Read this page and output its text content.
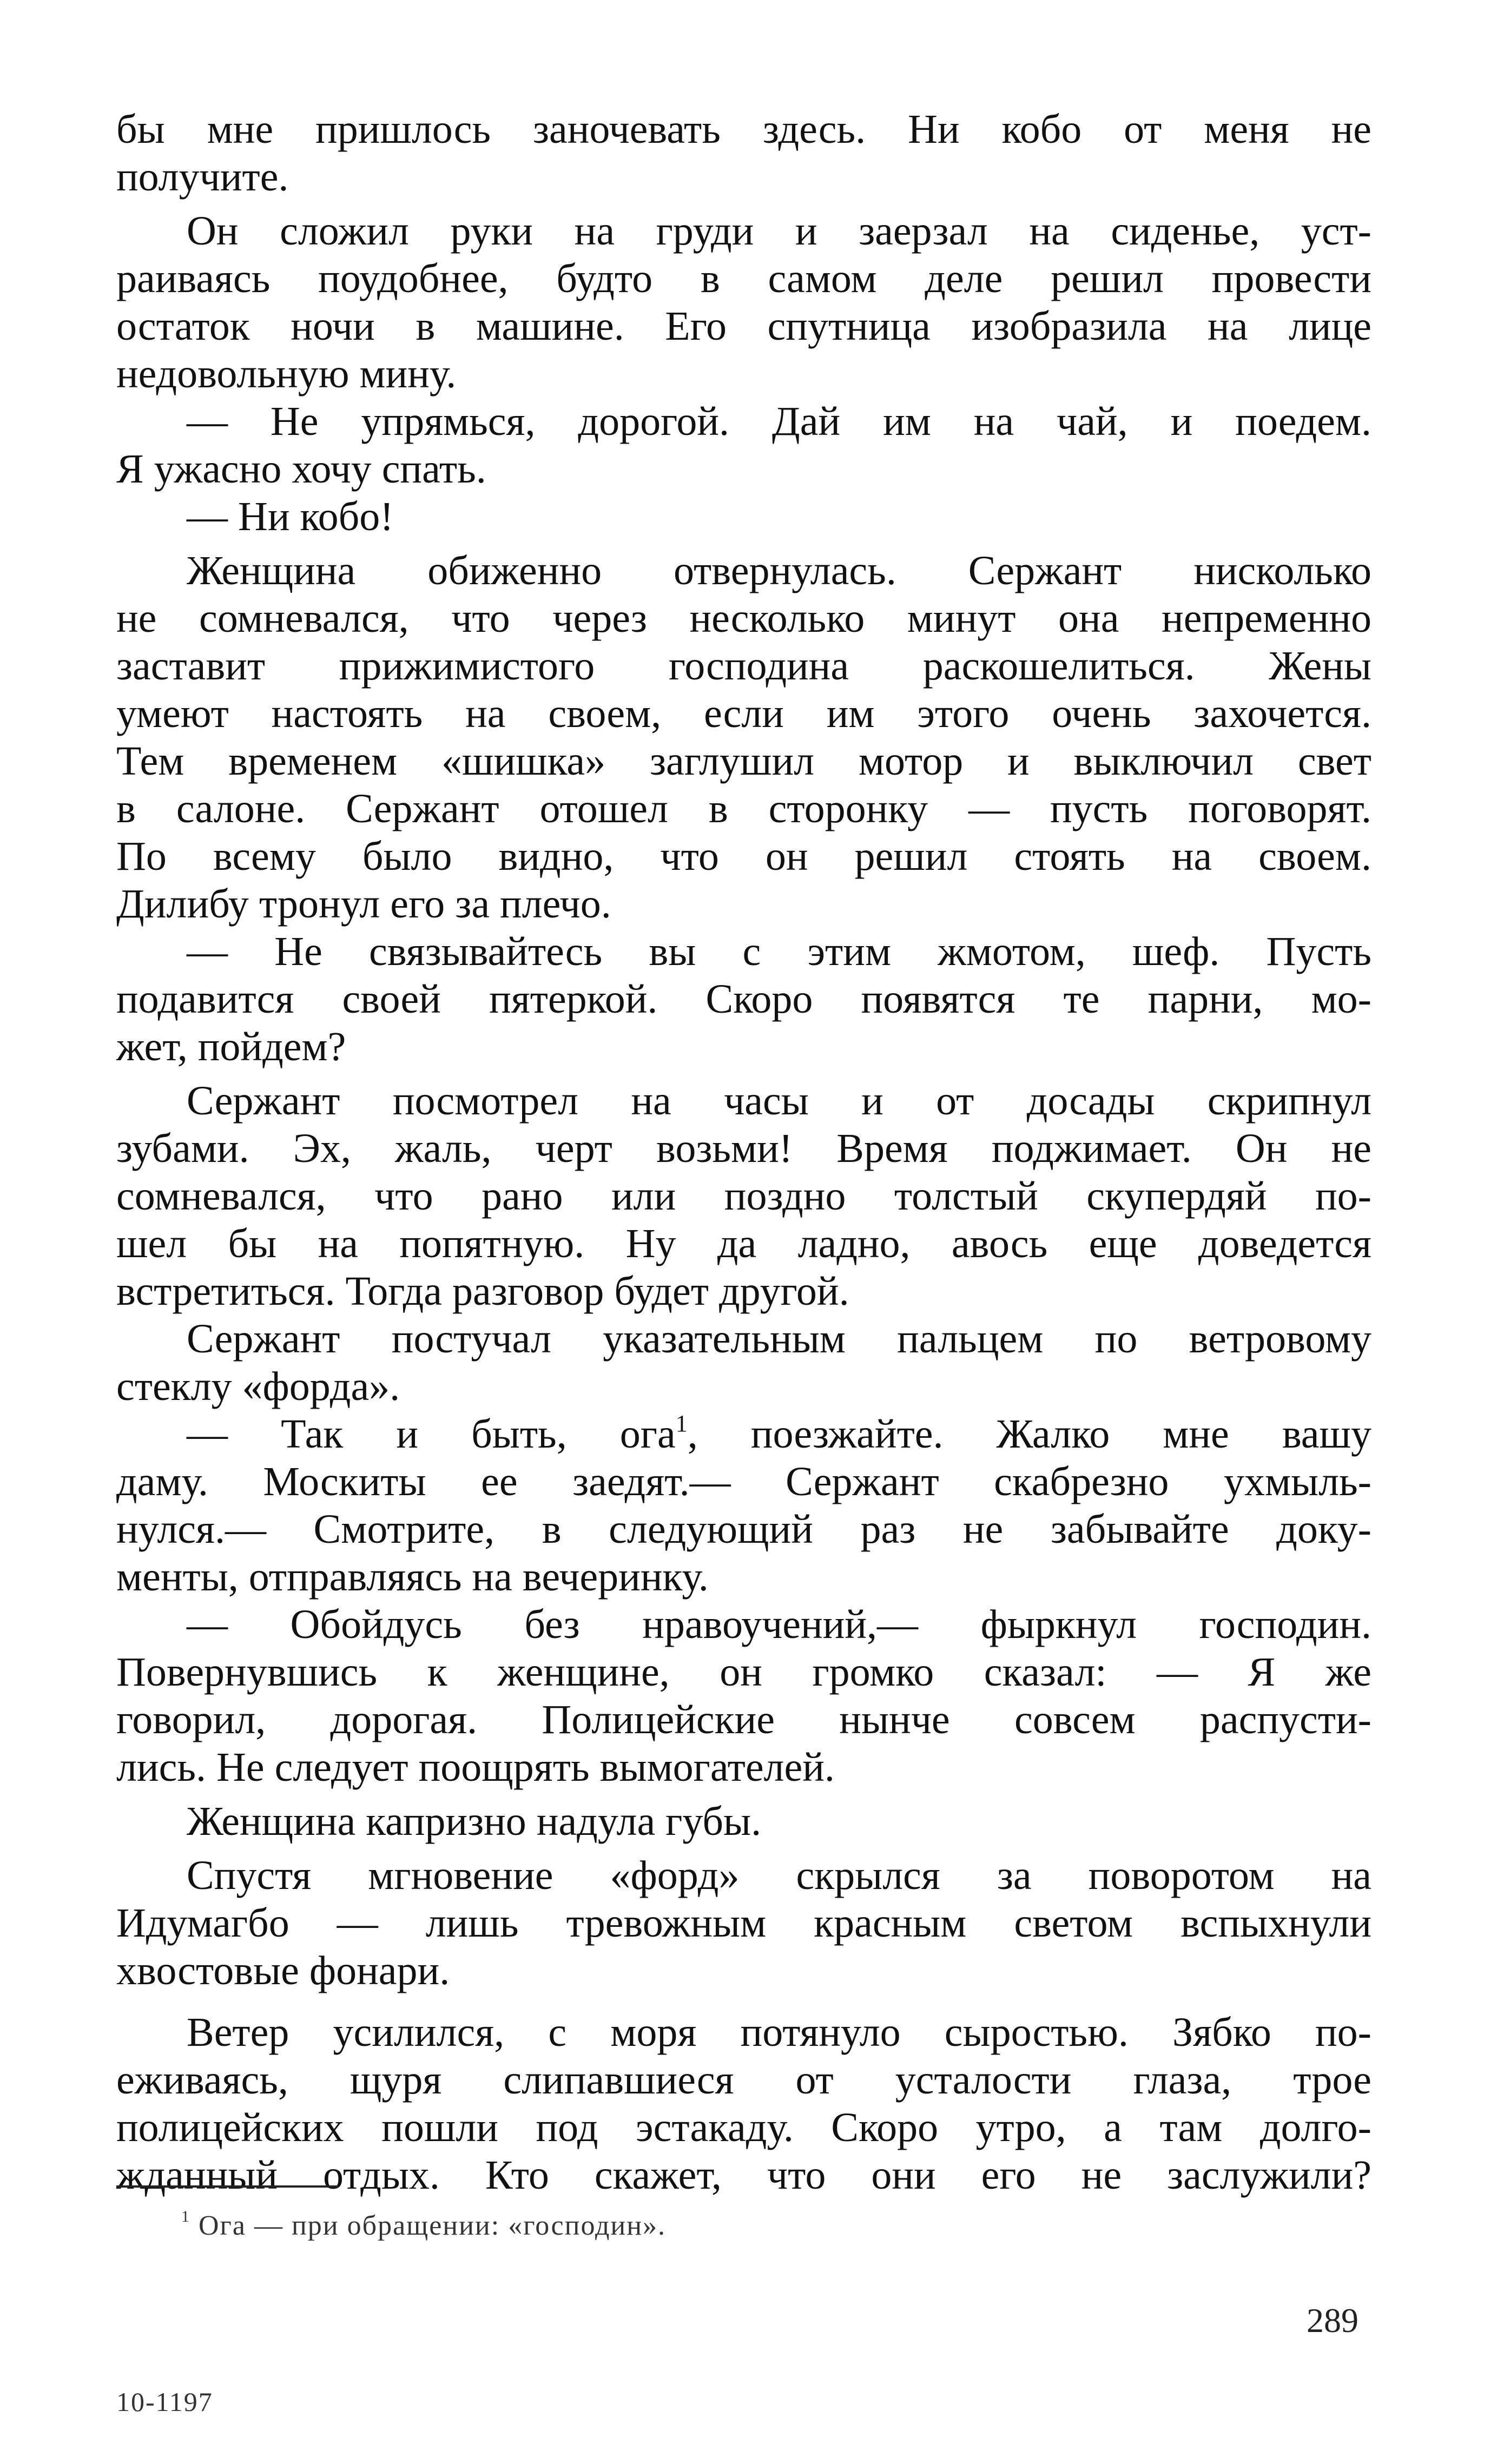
бы мне пришлось заночевать здесь. Ни кобо от меня не
получите.
Он сложил руки на груди и заерзал на сиденье, уст-
раиваясь поудобнее, будто в самом деле решил провести
остаток ночи в машине. Его спутница изобразила на лице
недовольную мину.
— Не упрямься, дорогой. Дай им на чай, и поедем.
Я ужасно хочу спать.
— Ни кобо!
Женщина обиженно отвернулась. Сержант нисколько
не сомневался, что через несколько минут она непременно
заставит прижимистого господина раскошелиться. Жены
умеют настоять на своем, если им этого очень захочется.
Тем временем «шишка» заглушил мотор и выключил свет
в салоне. Сержант отошел в сторонку — пусть поговорят.
По всему было видно, что он решил стоять на своем.
Дилибу тронул его за плечо.
— Не связывайтесь вы с этим жмотом, шеф. Пусть
подавится своей пятеркой. Скоро появятся те парни, мо-
жет, пойдем?
Сержант посмотрел на часы и от досады скрипнул
зубами. Эх, жаль, черт возьми! Время поджимает. Он не
сомневался, что рано или поздно толстый скупердяй по-
шел бы на попятную. Ну да ладно, авось еще доведется
встретиться. Тогда разговор будет другой.
Сержант постучал указательным пальцем по ветровому
стеклу «форда».
— Так и быть, ога$^1$, поезжайте. Жалко мне вашу
даму. Москиты ее заедят.— Сержант скабрезно ухмыль-
нулся.— Смотрите, в следующий раз не забывайте доку-
менты, отправляясь на вечеринку.
— Обойдусь без нравоучений,— фыркнул господин.
Повернувшись к женщине, он громко сказал: — Я же
говорил, дорогая. Полицейские нынче совсем распусти-
лись. Не следует поощрять вымогателей.
Женщина капризно надула губы.
Спустя мгновение «форд» скрылся за поворотом на
Идумагбо — лишь тревожным красным светом вспыхнули
хвостовые фонари.
Ветер усилился, с моря потянуло сыростью. Зябко по-
еживаясь, щуря слипавшиеся от усталости глаза, трое
полицейских пошли под эстакаду. Скоро утро, а там долго-
жданный отдых. Кто скажет, что они его не заслужили?
$^1$ Ога — при обращении: «господин».
289
10-1197
